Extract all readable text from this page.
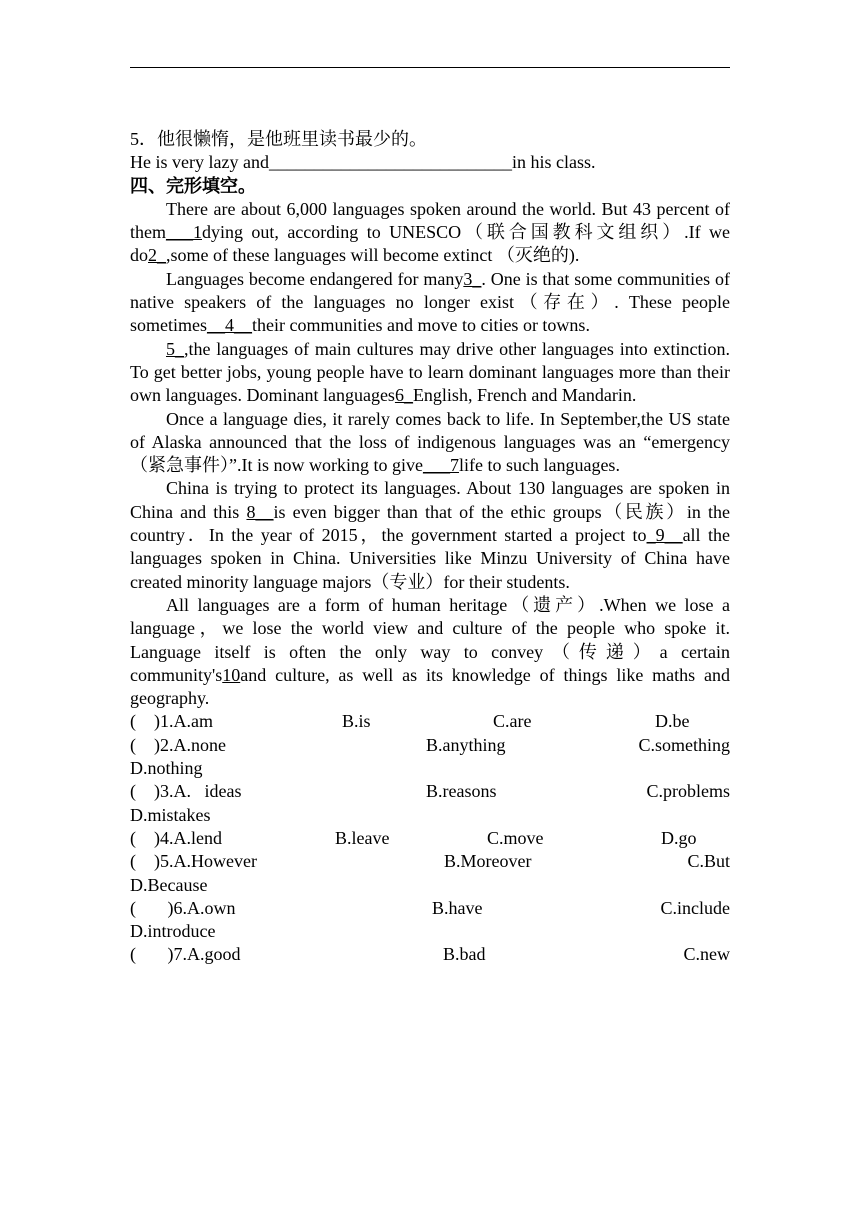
5．他很懒惰，是他班里读书最少的。
He is very lazy and___________________________in his class.
四、完形填空。

There are about 6,000 languages spoken around the world. But 43 percent of them___1dying out, according to UNESCO（联合国教科文组织）.If we do2_,some of these languages will become extinct （灭绝的).

Languages become endangered for many3_. One is that some communities of native speakers of the languages no longer exist（存在）. These people sometimes__4__their communities and move to cities or towns.

5_,the languages of main cultures may drive other languages into extinction. To get better jobs, young people have to learn dominant languages more than their own languages. Dominant languages6_English, French and Mandarin.

Once a language dies, it rarely comes back to life. In September,the US state of Alaska announced that the loss of indigenous languages was an “emergency（紧急事件）”.It is now working to give___7life to such languages.

China is trying to protect its languages. About 130 languages are spoken in China and this 8__is even bigger than that of the ethic groups（民族）in the country．In the year of 2015，the government started a project to_9__all the languages spoken in China. Universities like Minzu University of China have created minority language majors（专业）for their students.

All languages are a form of human heritage（遗产）.When we lose a language，we lose the world view and culture of the people who spoke it. Language itself is often the only way to convey（传递）a certain community's10and culture, as well as its knowledge of things like maths and geography.

(    )1.A.am	B.is	C.are	D.be
(    )2.A.none	B.anything	C.something
D.nothing
(    )3.A.   ideas	B.reasons	C.problems
D.mistakes
(    )4.A.lend	B.leave	C.move	D.go
(    )5.A.However	B.Moreover	C.But
D.Because
(       )6.A.own	B.have	C.include
D.introduce
(       )7.A.good	B.bad	C.new
